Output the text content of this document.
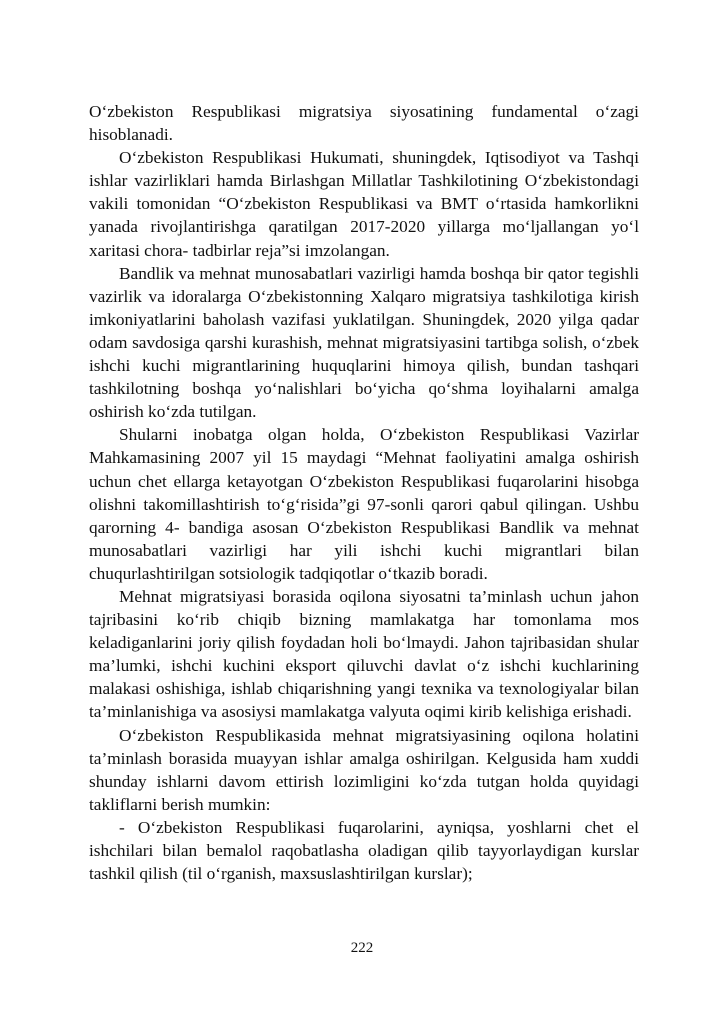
O‘zbekiston Respublikasi migratsiya siyosatining fundamental o‘zagi hisoblanadi.

O‘zbekiston Respublikasi Hukumati, shuningdek, Iqtisodiyot va Tashqi ishlar vazirliklari hamda Birlashgan Millatlar Tashkilotining O‘zbekistondagi vakili tomonidan “O‘zbekiston Respublikasi va BMT o‘rtasida hamkorlikni yanada rivojlantirishga qaratilgan 2017-2020 yillarga mo‘ljallangan yo‘l xaritasi chora- tadbirlar reja”si imzolangan.

Bandlik va mehnat munosabatlari vazirligi hamda boshqa bir qator tegishli vazirlik va idoralarga O‘zbekistonning Xalqaro migratsiya tashkilotiga kirish imkoniyatlarini baholash vazifasi yuklatilgan. Shuningdek, 2020 yilga qadar odam savdosiga qarshi kurashish, mehnat migratsiyasini tartibga solish, o‘zbek ishchi kuchi migrantlarining huquqlarini himoya qilish, bundan tashqari tashkilotning boshqa yo‘nalishlari bo‘yicha qo‘shma loyihalarni amalga oshirish ko‘zda tutilgan.

Shularni inobatga olgan holda, O‘zbekiston Respublikasi Vazirlar Mahkamasining 2007 yil 15 maydagi “Mehnat faoliyatini amalga oshirish uchun chet ellarga ketayotgan O‘zbekiston Respublikasi fuqarolarini hisobga olishni takomillashtirish to‘g‘risida”gi 97-sonli qarori qabul qilingan. Ushbu qarorning 4- bandiga asosan O‘zbekiston Respublikasi Bandlik va mehnat munosabatlari vazirligi har yili ishchi kuchi migrantlari bilan chuqurlashtirilgan sotsiologik tadqiqotlar o‘tkazib boradi.

Mehnat migratsiyasi borasida oqilona siyosatni ta’minlash uchun jahon tajribasini ko‘rib chiqib bizning mamlakatga har tomonlama mos keladiganlarini joriy qilish foydadan holi bo‘lmaydi. Jahon tajribasidan shular ma’lumki, ishchi kuchini eksport qiluvchi davlat o‘z ishchi kuchlarining malakasi oshishiga, ishlab chiqarishning yangi texnika va texnologiyalar bilan ta’minlanishiga va asosiysi mamlakatga valyuta oqimi kirib kelishiga erishadi.

O‘zbekiston Respublikasida mehnat migratsiyasining oqilona holatini ta’minlash borasida muayyan ishlar amalga oshirilgan. Kelgusida ham xuddi shunday ishlarni davom ettirish lozimligini ko‘zda tutgan holda quyidagi takliflarni berish mumkin:

- O‘zbekiston Respublikasi fuqarolarini, ayniqsa, yoshlarni chet el ishchilari bilan bemalol raqobatlasha oladigan qilib tayyorlaydigan kurslar tashkil qilish (til o‘rganish, maxsuslashtirilgan kurslar);

222
